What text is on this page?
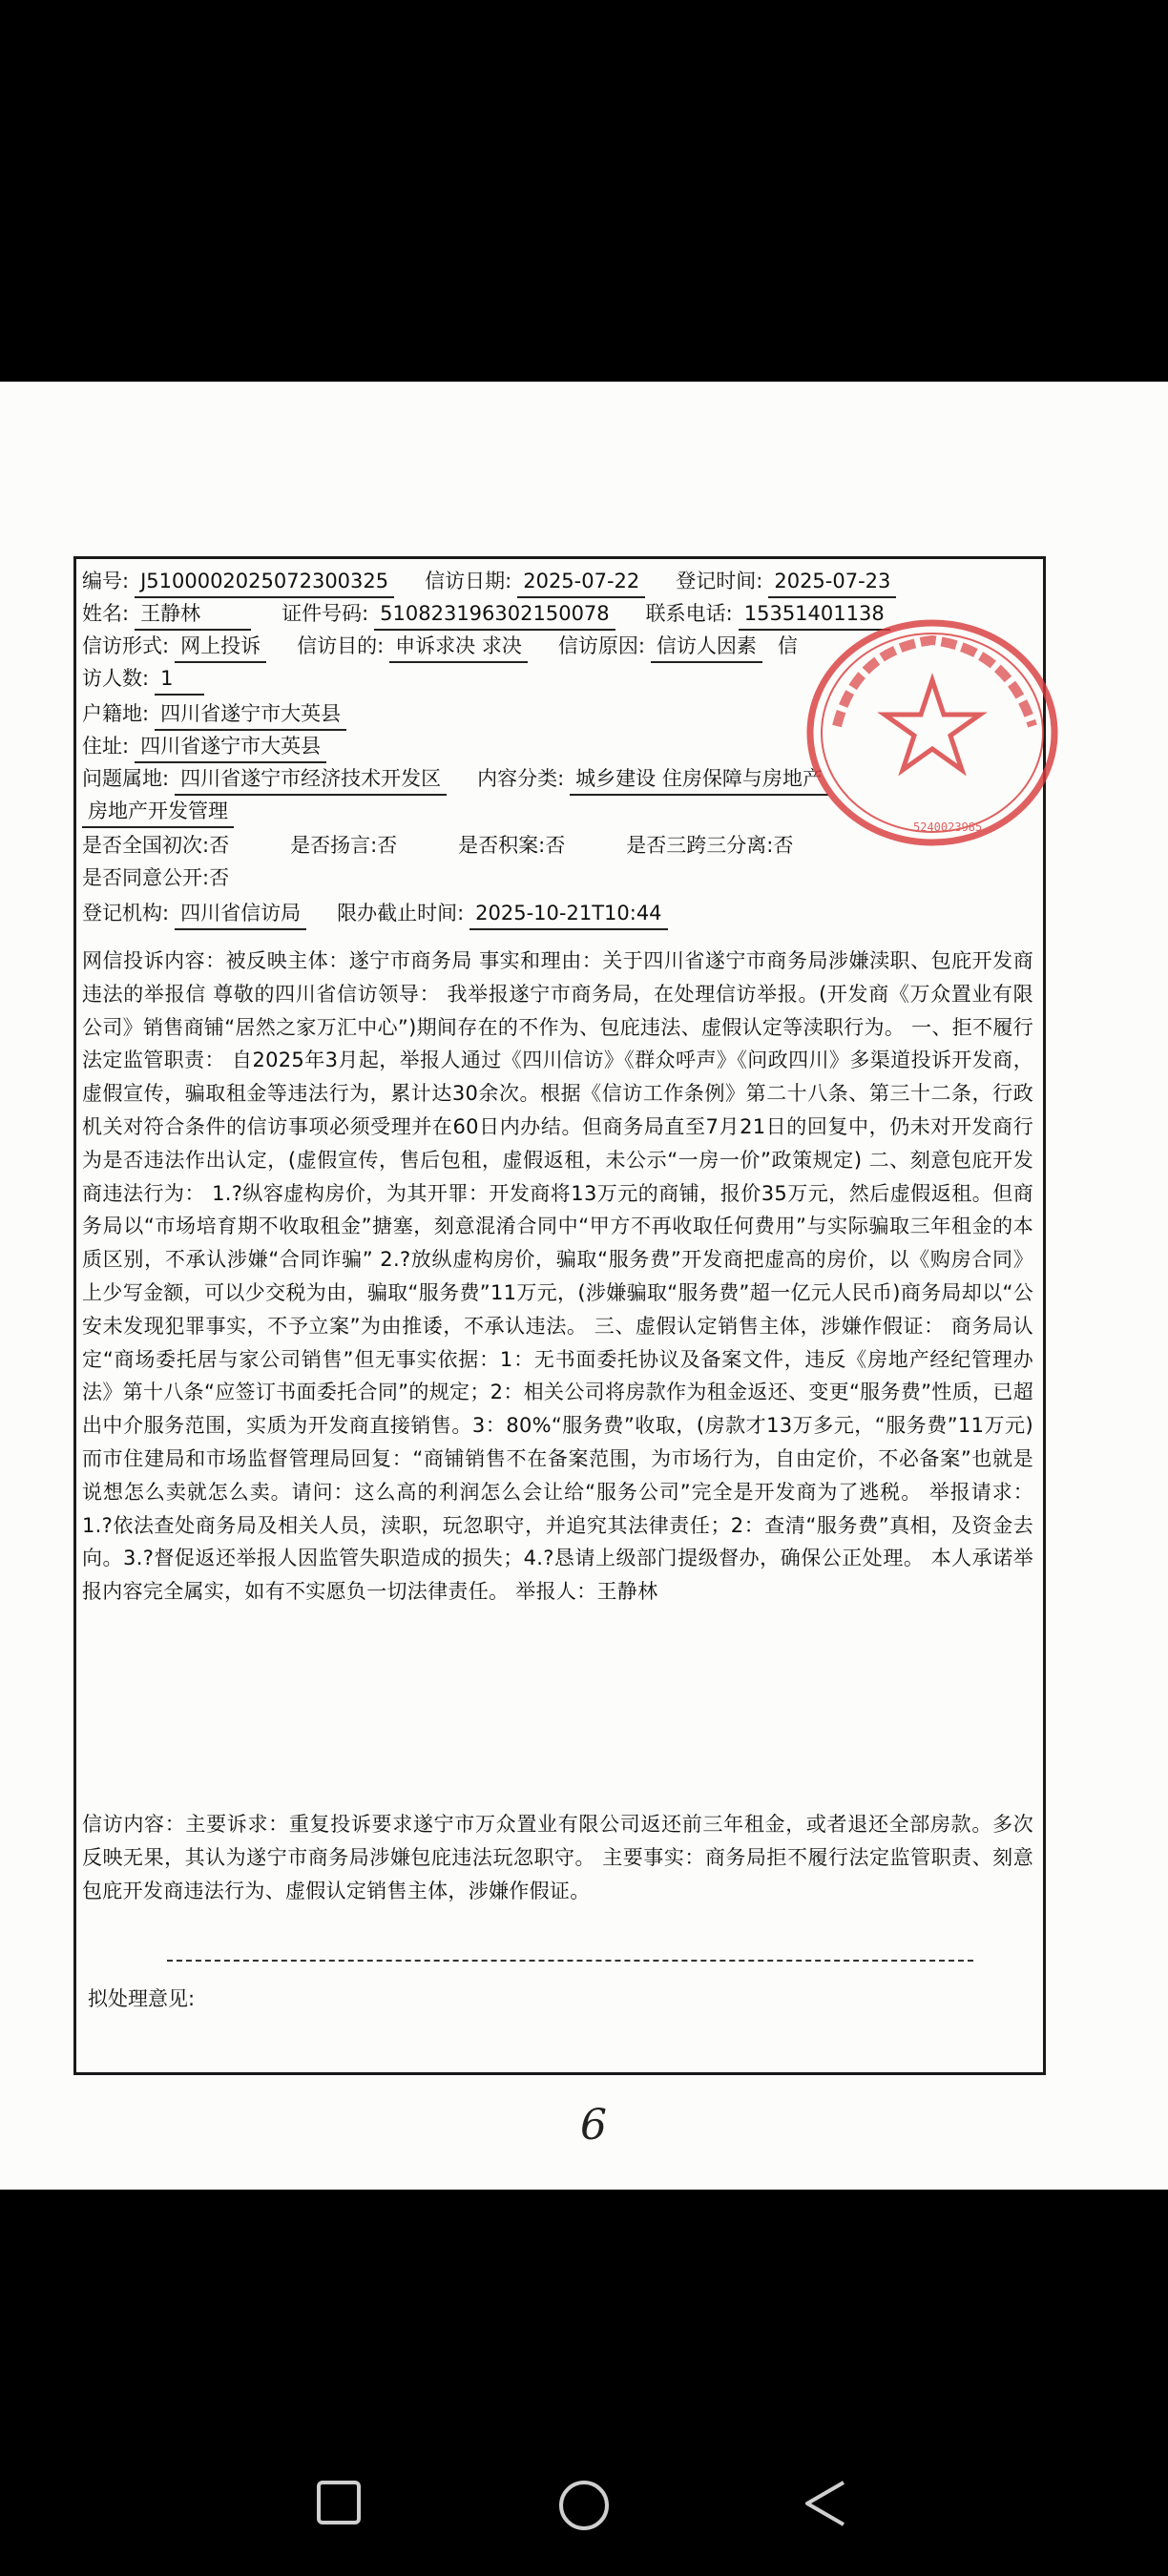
编号: J5100002025072300325 信访日期: 2025-07-22 登记时间: 2025-07-23
姓名: 王静林	证件号码: 510823196302150078 联系电话: 15351401138
信访形式: 网上投诉 信访目的: 申诉求决 求决 信访原因: 信访人因素 信
访人数: 1
户籍地: 四川省遂宁市大英县
住址: 四川省遂宁市大英县
问题属地: 四川省遂宁市经济技术开发区 内容分类: 城乡建设 住房保障与房地产
房地产开发管理
是否全国初次:否	是否扬言:否	是否积案:否	是否三跨三分离:否
是否同意公开:否
登记机构: 四川省信访局 限办截止时间: 2025-10-21T10:44
网信投诉内容：被反映主体：遂宁市商务局 事实和理由：关于四川省遂宁市商务局涉嫌渎职、包庇开发商违法的举报信 尊敬的四川省信访领导： 我举报遂宁市商务局，在处理信访举报。(开发商《万众置业有限公司》销售商铺“居然之家万汇中心”)期间存在的不作为、包庇违法、虚假认定等渎职行为。 一、拒不履行法定监管职责： 自2025年3月起，举报人通过《四川信访》《群众呼声》《问政四川》多渠道投诉开发商，虚假宣传，骗取租金等违法行为，累计达30余次。根据《信访工作条例》第二十八条、第三十二条，行政机关对符合条件的信访事项必须受理并在60日内办结。但商务局直至7月21日的回复中，仍未对开发商行为是否违法作出认定，(虚假宣传，售后包租，虚假返租，未公示“一房一价”政策规定) 二、刻意包庇开发商违法行为： 1.?纵容虚构房价，为其开罪：开发商将13万元的商铺，报价35万元，然后虚假返租。但商务局以“市场培育期不收取租金”搪塞，刻意混淆合同中“甲方不再收取任何费用”与实际骗取三年租金的本质区别，不承认涉嫌“合同诈骗” 2.?放纵虚构房价，骗取“服务费”开发商把虚高的房价，以《购房合同》上少写金额，可以少交税为由，骗取“服务费”11万元，(涉嫌骗取“服务费”超一亿元人民币)商务局却以“公安未发现犯罪事实，不予立案”为由推诿，不承认违法。 三、虚假认定销售主体，涉嫌作假证： 商务局认定“商场委托居与家公司销售”但无事实依据：1：无书面委托协议及备案文件，违反《房地产经纪管理办法》第十八条“应签订书面委托合同”的规定；2：相关公司将房款作为租金返还、变更“服务费”性质，已超出中介服务范围，实质为开发商直接销售。3：80%“服务费”收取，(房款才13万多元，“服务费”11万元)而市住建局和市场监督管理局回复：“商铺销售不在备案范围，为市场行为，自由定价，不必备案”也就是说想怎么卖就怎么卖。请问：这么高的利润怎么会让给“服务公司”完全是开发商为了逃税。 举报请求： 1.?依法查处商务局及相关人员，渎职，玩忽职守，并追究其法律责任；2：查清“服务费”真相，及资金去向。3.?督促返还举报人因监管失职造成的损失；4.?恳请上级部门提级督办，确保公正处理。 本人承诺举报内容完全属实，如有不实愿负一切法律责任。 举报人：王静林
信访内容：主要诉求：重复投诉要求遂宁市万众置业有限公司返还前三年租金，或者退还全部房款。多次反映无果，其认为遂宁市商务局涉嫌包庇违法玩忽职守。 主要事实：商务局拒不履行法定监管职责、刻意包庇开发商违法行为、虚假认定销售主体，涉嫌作假证。
拟处理意见:
5240023985
6
